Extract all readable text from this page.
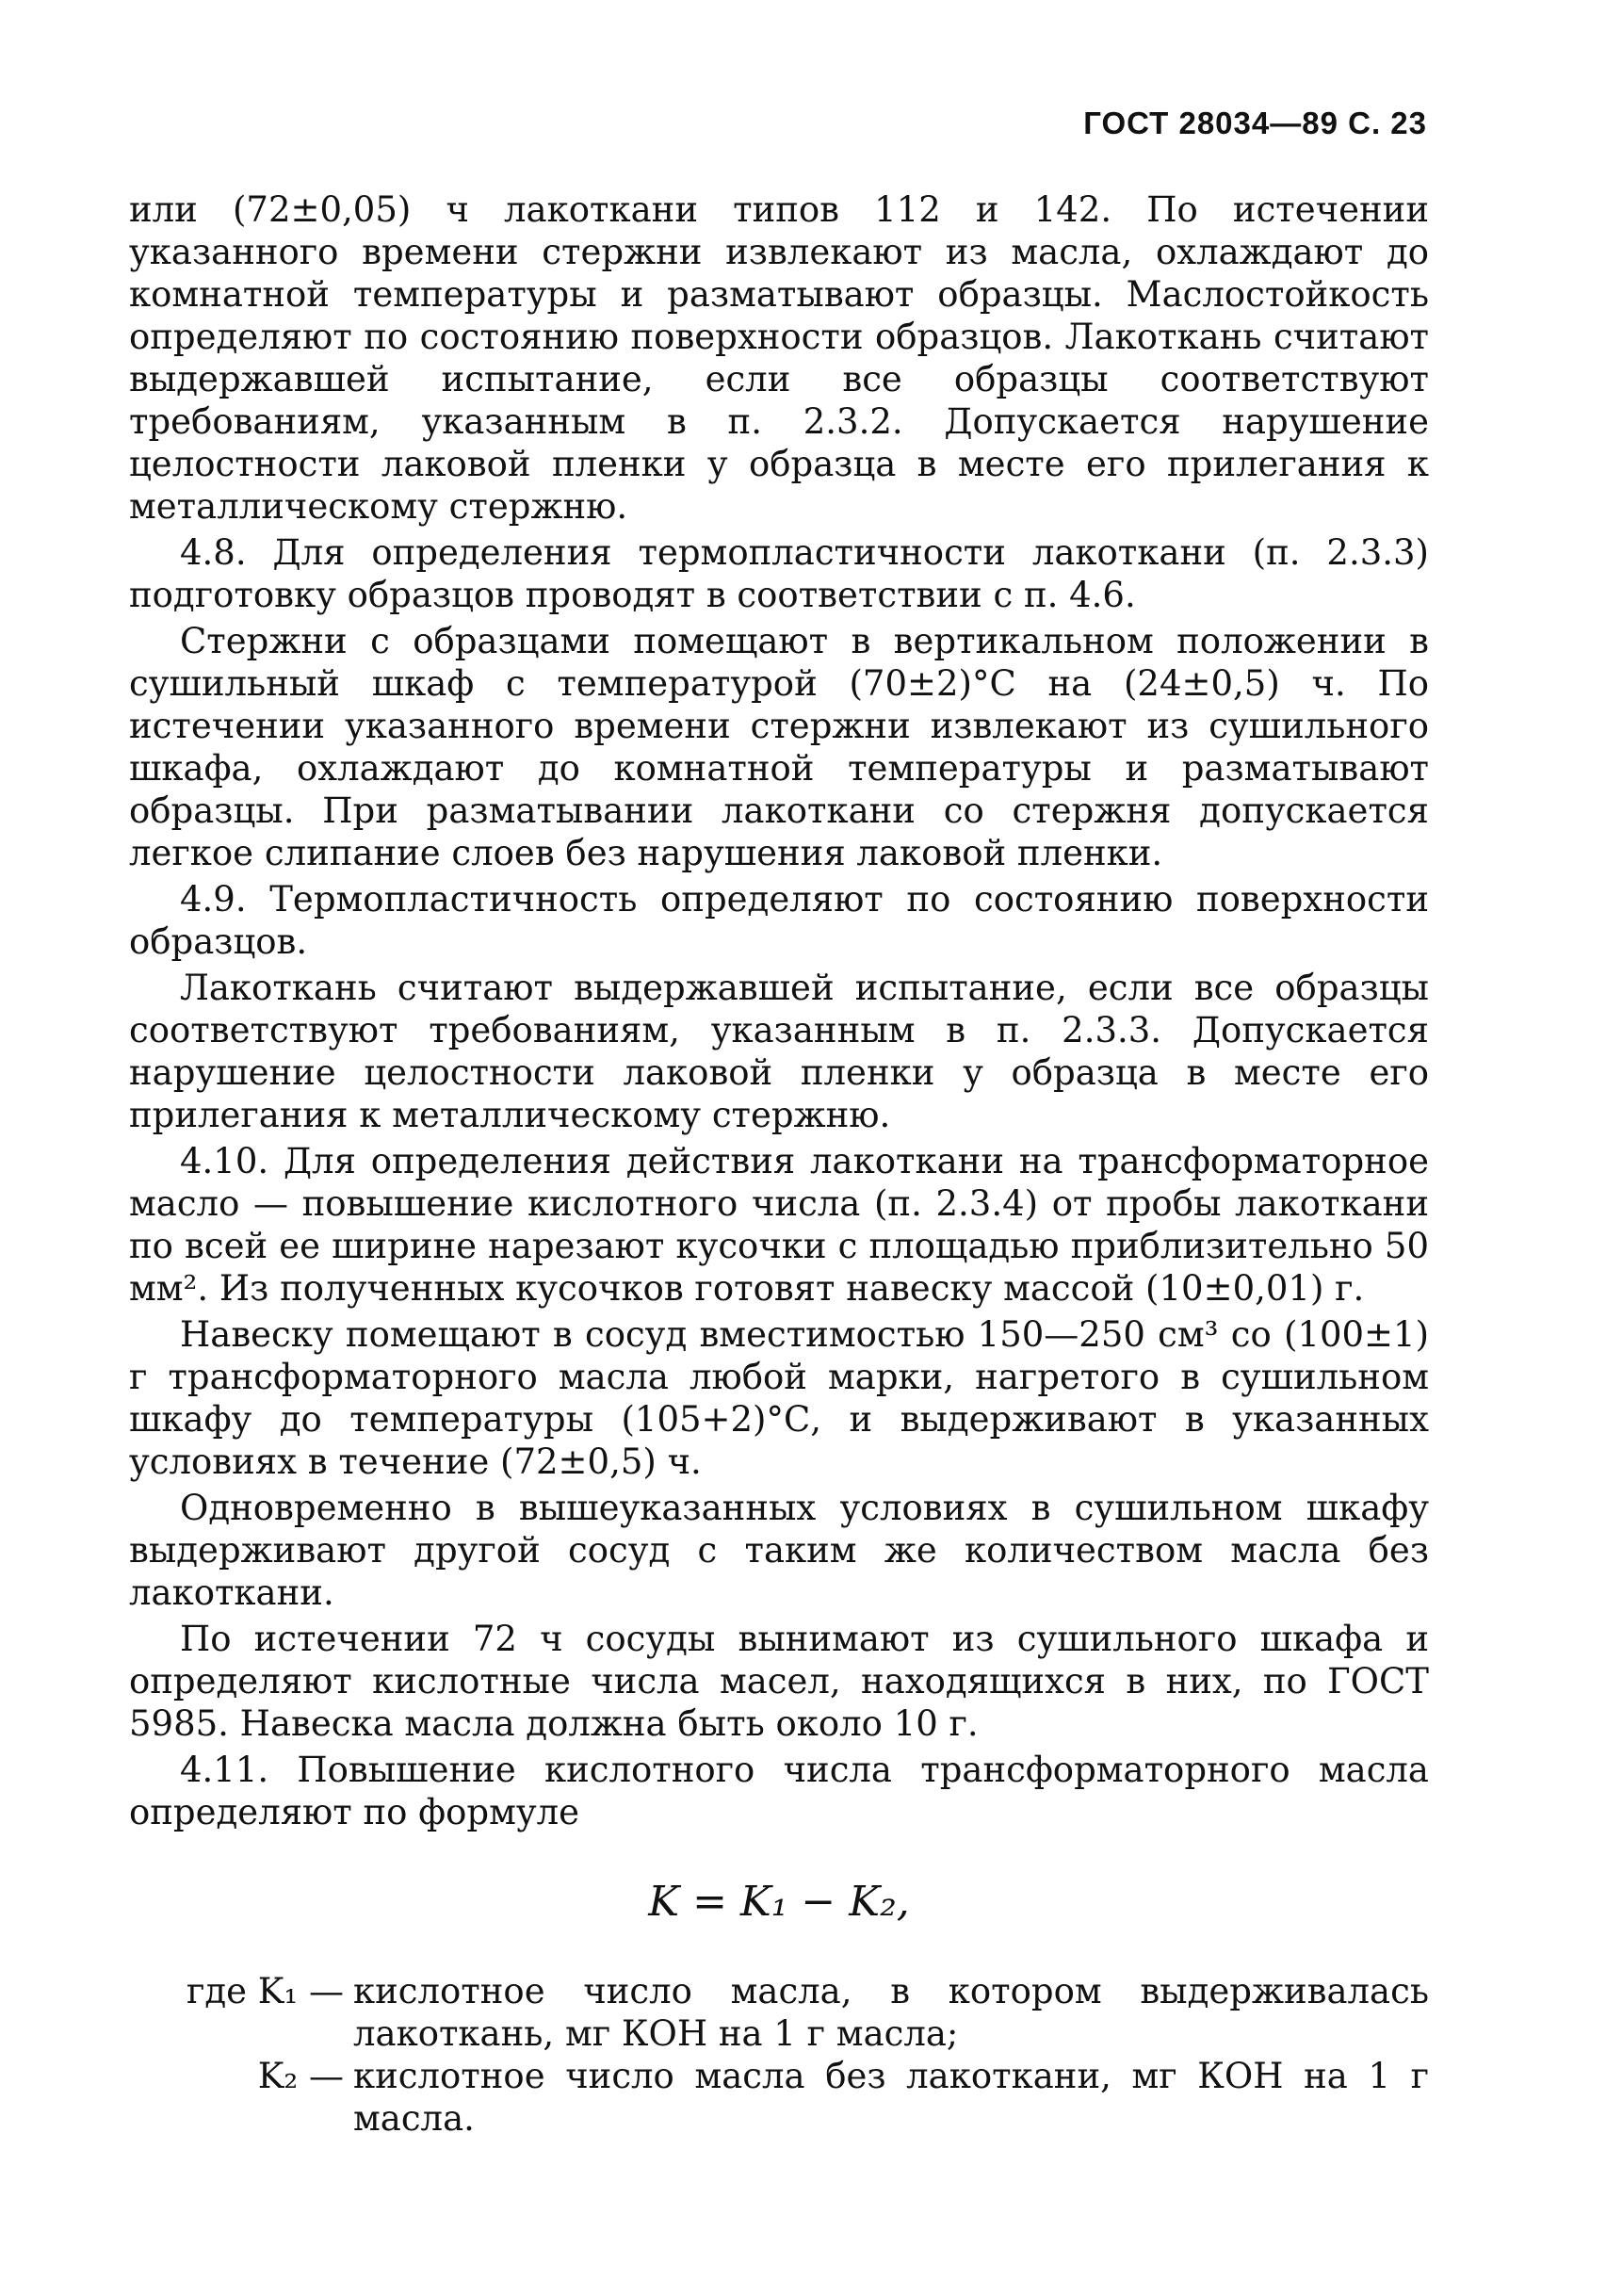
ГОСТ 28034—89 С. 23

или (72±0,05) ч лакоткани типов 112 и 142. По истечении указанного времени стержни извлекают из масла, охлаждают до комнатной температуры и разматывают образцы. Маслостойкость определяют по состоянию поверхности образцов. Лакоткань считают выдержавшей испытание, если все образцы соответствуют требованиям, указанным в п. 2.3.2. Допускается нарушение целостности лаковой пленки у образца в месте его прилегания к металлическому стержню.

4.8. Для определения термопластичности лакоткани (п. 2.3.3) подготовку образцов проводят в соответствии с п. 4.6.

Стержни с образцами помещают в вертикальном положении в сушильный шкаф с температурой (70±2)°С на (24±0,5) ч. По истечении указанного времени стержни извлекают из сушильного шкафа, охлаждают до комнатной температуры и разматывают образцы. При разматывании лакоткани со стержня допускается легкое слипание слоев без нарушения лаковой пленки.

4.9. Термопластичность определяют по состоянию поверхности образцов.

Лакоткань считают выдержавшей испытание, если все образцы соответствуют требованиям, указанным в п. 2.3.3. Допускается нарушение целостности лаковой пленки у образца в месте его прилегания к металлическому стержню.

4.10. Для определения действия лакоткани на трансформаторное масло — повышение кислотного числа (п. 2.3.4) от пробы лакоткани по всей ее ширине нарезают кусочки с площадью приблизительно 50 мм². Из полученных кусочков готовят навеску массой (10±0,01) г.

Навеску помещают в сосуд вместимостью 150—250 см³ со (100±1) г трансформаторного масла любой марки, нагретого в сушильном шкафу до температуры (105+2)°С, и выдерживают в указанных условиях в течение (72±0,5) ч.

Одновременно в вышеуказанных условиях в сушильном шкафу выдерживают другой сосуд с таким же количеством масла без лакоткани.

По истечении 72 ч сосуды вынимают из сушильного шкафа и определяют кислотные числа масел, находящихся в них, по ГОСТ 5985. Навеска масла должна быть около 10 г.

4.11. Повышение кислотного числа трансформаторного масла определяют по формуле

K = K₁ − K₂,
где K₁ — кислотное число масла, в котором выдерживалась лакоткань, мг КОН на 1 г масла;
K₂ — кислотное число масла без лакоткани, мг КОН на 1 г масла.
